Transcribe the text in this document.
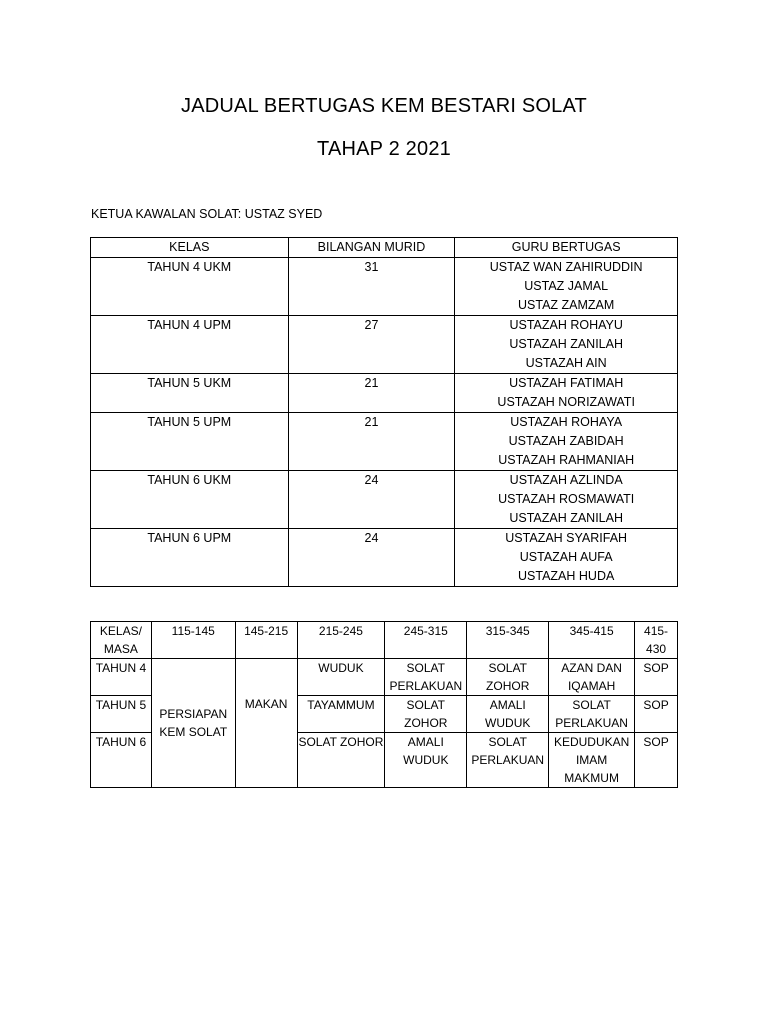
JADUAL BERTUGAS KEM BESTARI SOLAT
TAHAP 2 2021
KETUA KAWALAN SOLAT: USTAZ SYED
KELAS	BILANGAN MURID	GURU BERTUGAS
TAHUN 4 UKM	31	USTAZ WAN ZAHIRUDDIN
USTAZ JAMAL
USTAZ ZAMZAM

TAHUN 4 UPM	27	USTAZAH ROHAYU
USTAZAH ZANILAH
USTAZAH AIN

TAHUN 5 UKM	21	USTAZAH FATIMAH
USTAZAH NORIZAWATI

TAHUN 5 UPM	21	USTAZAH ROHAYA
USTAZAH ZABIDAH
USTAZAH RAHMANIAH

TAHUN 6 UKM	24	USTAZAH AZLINDA
USTAZAH ROSMAWATI
USTAZAH ZANILAH

TAHUN 6 UPM	24	USTAZAH SYARIFAH
USTAZAH AUFA
USTAZAH HUDA
KELAS/ MASA	115-145	145-215	215-245	245-315	315-345	345-415	415-430
TAHUN 4	PERSIAPAN KEM SOLAT	MAKAN	WUDUK	SOLAT PERLAKUAN	SOLAT ZOHOR	AZAN DAN IQAMAH	SOP
TAHUN 5			TAYAMMUM	SOLAT ZOHOR	AMALI WUDUK	SOLAT PERLAKUAN	SOP
TAHUN 6			SOLAT ZOHOR	AMALI WUDUK	SOLAT PERLAKUAN	KEDUDUKAN IMAM MAKMUM	SOP
